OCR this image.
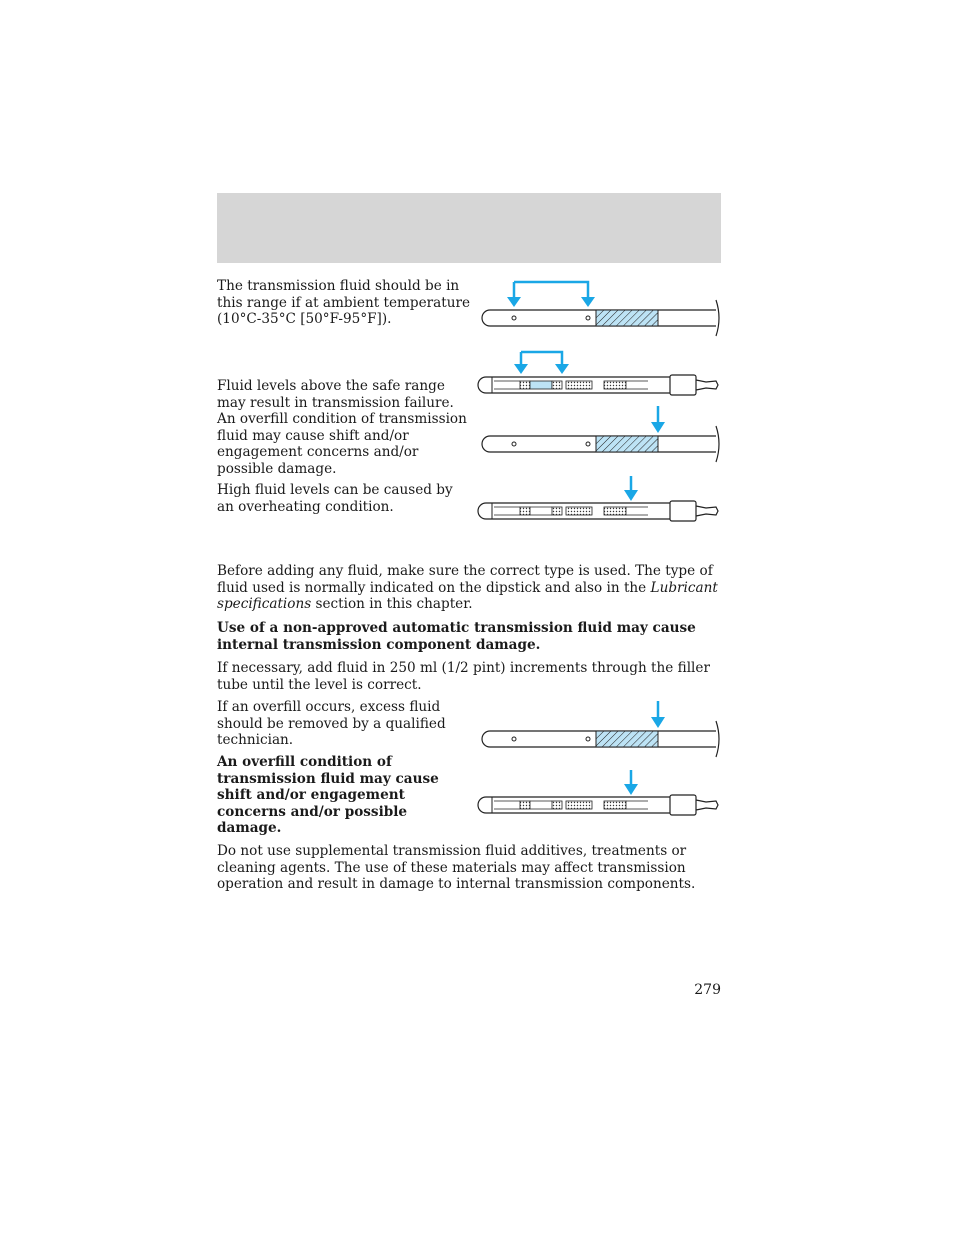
The transmission fluid should be in this range if at ambient temperature (10°C-35°C [50°F-95°F]).

Fluid levels above the safe range may result in transmission failure. An overfill condition of transmission fluid may cause shift and/or engagement concerns and/or possible damage.

High fluid levels can be caused by an overheating condition.

Before adding any fluid, make sure the correct type is used. The type of fluid used is normally indicated on the dipstick and also in the Lubricant specifications section in this chapter.

Use of a non-approved automatic transmission fluid may cause internal transmission component damage.

If necessary, add fluid in 250 ml (1/2 pint) increments through the filler tube until the level is correct.

If an overfill occurs, excess fluid should be removed by a qualified technician.

An overfill condition of transmission fluid may cause shift and/or engagement concerns and/or possible damage.

Do not use supplemental transmission fluid additives, treatments or cleaning agents. The use of these materials may affect transmission operation and result in damage to internal transmission components.

279
